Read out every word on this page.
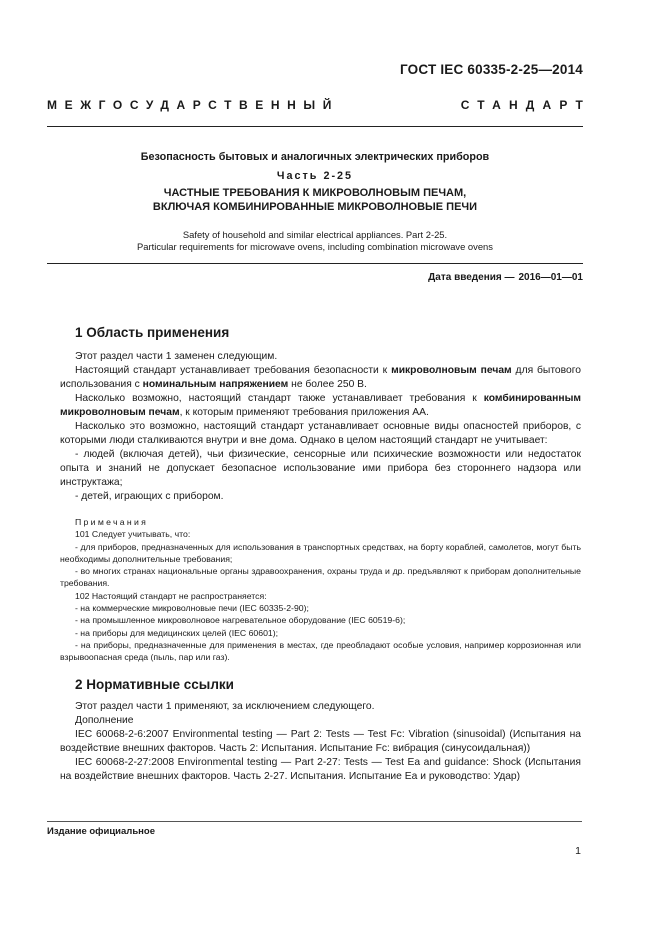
ГОСТ IEC 60335-2-25—2014
МЕЖГОСУДАРСТВЕННЫЙ	СТАНДАРТ
Безопасность бытовых и аналогичных электрических приборов
Часть 2-25
ЧАСТНЫЕ ТРЕБОВАНИЯ К МИКРОВОЛНОВЫМ ПЕЧАМ,
ВКЛЮЧАЯ КОМБИНИРОВАННЫЕ МИКРОВОЛНОВЫЕ ПЕЧИ
Safety of household and similar electrical appliances. Part 2-25.
Particular requirements for microwave ovens, including combination microwave ovens
Дата введения — 2016—01—01
1 Область применения

Этот раздел части 1 заменен следующим.

Настоящий стандарт устанавливает требования безопасности к микроволновым печам для бытового использования с номинальным напряжением не более 250 В.

Насколько возможно, настоящий стандарт также устанавливает требования к комбинированным микроволновым печам, к которым применяют требования приложения АА.

Насколько это возможно, настоящий стандарт устанавливает основные виды опасностей приборов, с которыми люди сталкиваются внутри и вне дома. Однако в целом настоящий стандарт не учитывает:

- людей (включая детей), чьи физические, сенсорные или психические возможности или недостаток опыта и знаний не допускает безопасное использование ими прибора без стороннего надзора или инструктажа;

- детей, играющих с прибором.

Примечания

101 Следует учитывать, что:

- для приборов, предназначенных для использования в транспортных средствах, на борту кораблей, самолетов, могут быть необходимы дополнительные требования;

- во многих странах национальные органы здравоохранения, охраны труда и др. предъявляют к приборам дополнительные требования.

102 Настоящий стандарт не распространяется:

- на коммерческие микроволновые печи (IEC 60335-2-90);

- на промышленное микроволновое нагревательное оборудование (IEC 60519-6);

- на приборы для медицинских целей (IEC 60601);

- на приборы, предназначенные для применения в местах, где преобладают особые условия, например коррозионная или взрывоопасная среда (пыль, пар или газ).

2 Нормативные ссылки

Этот раздел части 1 применяют, за исключением следующего.

Дополнение

IEC 60068-2-6:2007 Environmental testing — Part 2: Tests — Test Fc: Vibration (sinusoidal) (Испытания на воздействие внешних факторов. Часть 2: Испытания. Испытание Fc: вибрация (синусоидальная))

IEC 60068-2-27:2008 Environmental testing — Part 2-27: Tests — Test Ea and guidance: Shock (Испытания на воздействие внешних факторов. Часть 2-27. Испытания. Испытание Ea и руководство: Удар)

Издание официальное
1
